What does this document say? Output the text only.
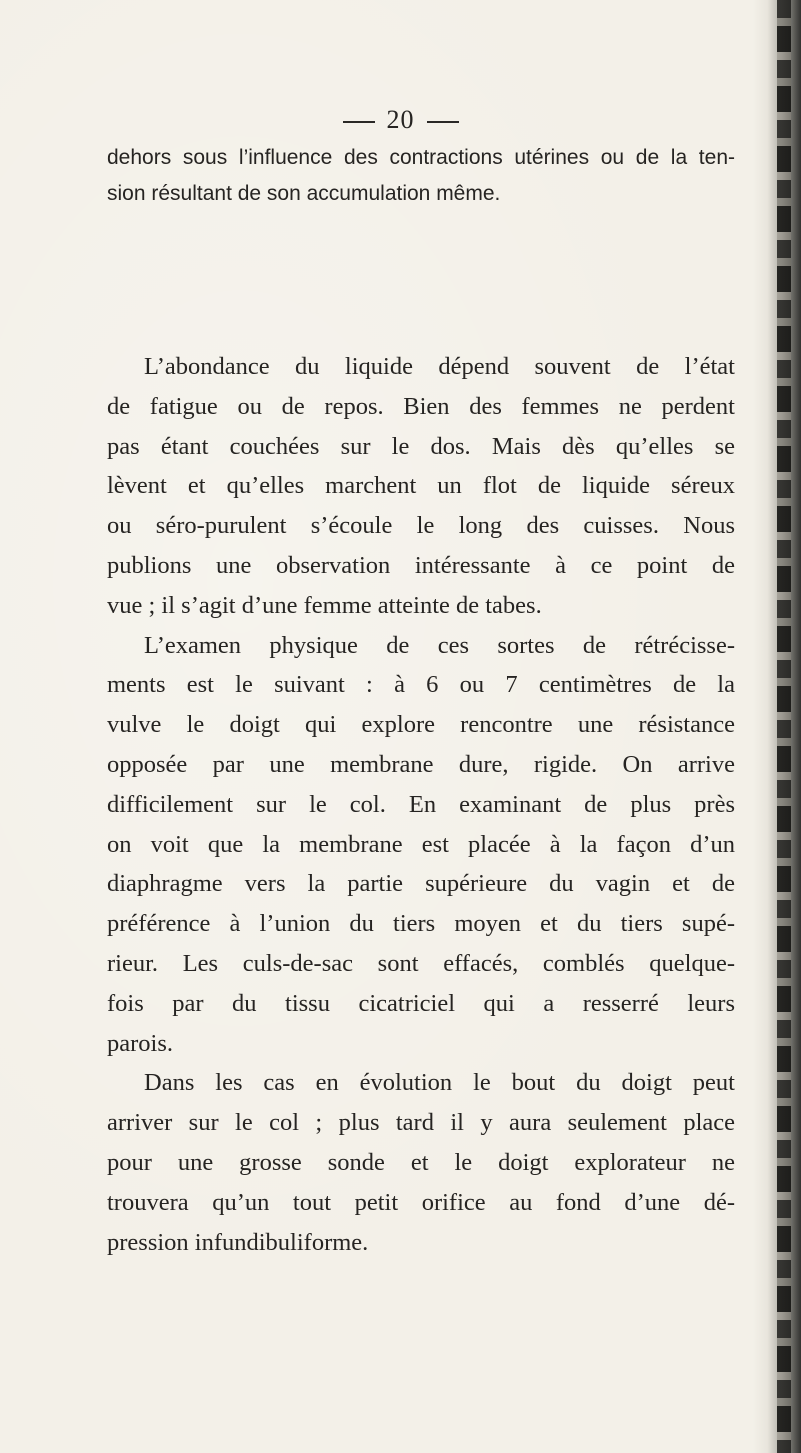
20
dehors sous l’influence des contractions utérines ou de la ten-
sion résultant de son accumulation même.
L’abondance du liquide dépend souvent de l’état
de fatigue ou de repos. Bien des femmes ne perdent
pas étant couchées sur le dos. Mais dès qu’elles se
lèvent et qu’elles marchent un flot de liquide séreux
ou séro-purulent s’écoule le long des cuisses. Nous
publions une observation intéressante à ce point de
vue ; il s’agit d’une femme atteinte de tabes.
L’examen physique de ces sortes de rétrécisse-
ments est le suivant : à 6 ou 7 centimètres de la
vulve le doigt qui explore rencontre une résistance
opposée par une membrane dure, rigide. On arrive
difficilement sur le col. En examinant de plus près
on voit que la membrane est placée à la façon d’un
diaphragme vers la partie supérieure du vagin et de
préférence à l’union du tiers moyen et du tiers supé-
rieur. Les culs-de-sac sont effacés, comblés quelque-
fois par du tissu cicatriciel qui a resserré leurs
parois.
Dans les cas en évolution le bout du doigt peut
arriver sur le col ; plus tard il y aura seulement place
pour une grosse sonde et le doigt explorateur ne
trouvera qu’un tout petit orifice au fond d’une dé-
pression infundibuliforme.
